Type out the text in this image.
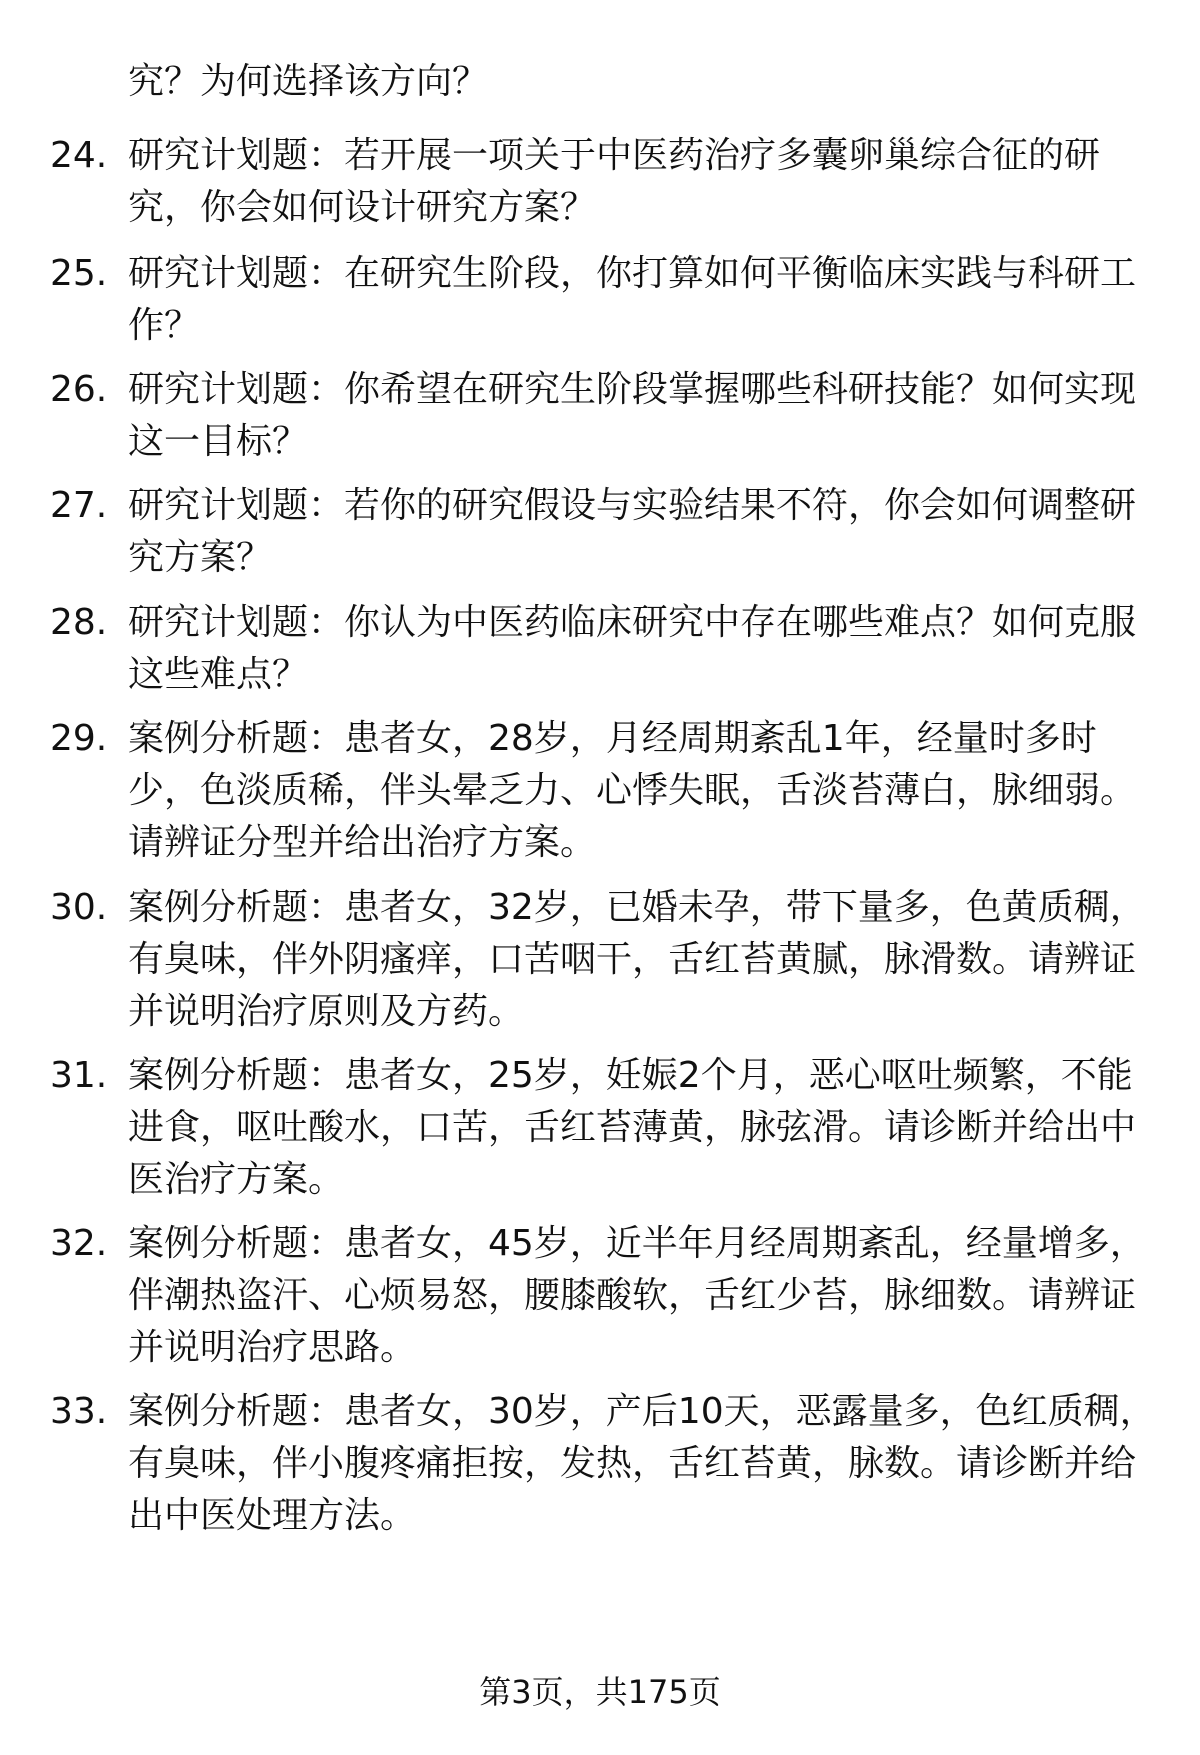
究？为何选择该方向？
24. 研究计划题：若开展一项关于中医药治疗多囊卵巢综合征的研究，你会如何设计研究方案？
25. 研究计划题：在研究生阶段，你打算如何平衡临床实践与科研工作？
26. 研究计划题：你希望在研究生阶段掌握哪些科研技能？如何实现这一目标？
27. 研究计划题：若你的研究假设与实验结果不符，你会如何调整研究方案？
28. 研究计划题：你认为中医药临床研究中存在哪些难点？如何克服这些难点？
29. 案例分析题：患者女，28岁，月经周期紊乱1年，经量时多时少，色淡质稀，伴头晕乏力、心悸失眠，舌淡苔薄白，脉细弱。请辨证分型并给出治疗方案。
30. 案例分析题：患者女，32岁，已婚未孕，带下量多，色黄质稠，有臭味，伴外阴瘙痒，口苦咽干，舌红苔黄腻，脉滑数。请辨证并说明治疗原则及方药。
31. 案例分析题：患者女，25岁，妊娠2个月，恶心呕吐频繁，不能进食，呕吐酸水，口苦，舌红苔薄黄，脉弦滑。请诊断并给出中医治疗方案。
32. 案例分析题：患者女，45岁，近半年月经周期紊乱，经量增多，伴潮热盗汗、心烦易怒，腰膝酸软，舌红少苔，脉细数。请辨证并说明治疗思路。
33. 案例分析题：患者女，30岁，产后10天，恶露量多，色红质稠，有臭味，伴小腹疼痛拒按，发热，舌红苔黄，脉数。请诊断并给出中医处理方法。
第3页，共175页
